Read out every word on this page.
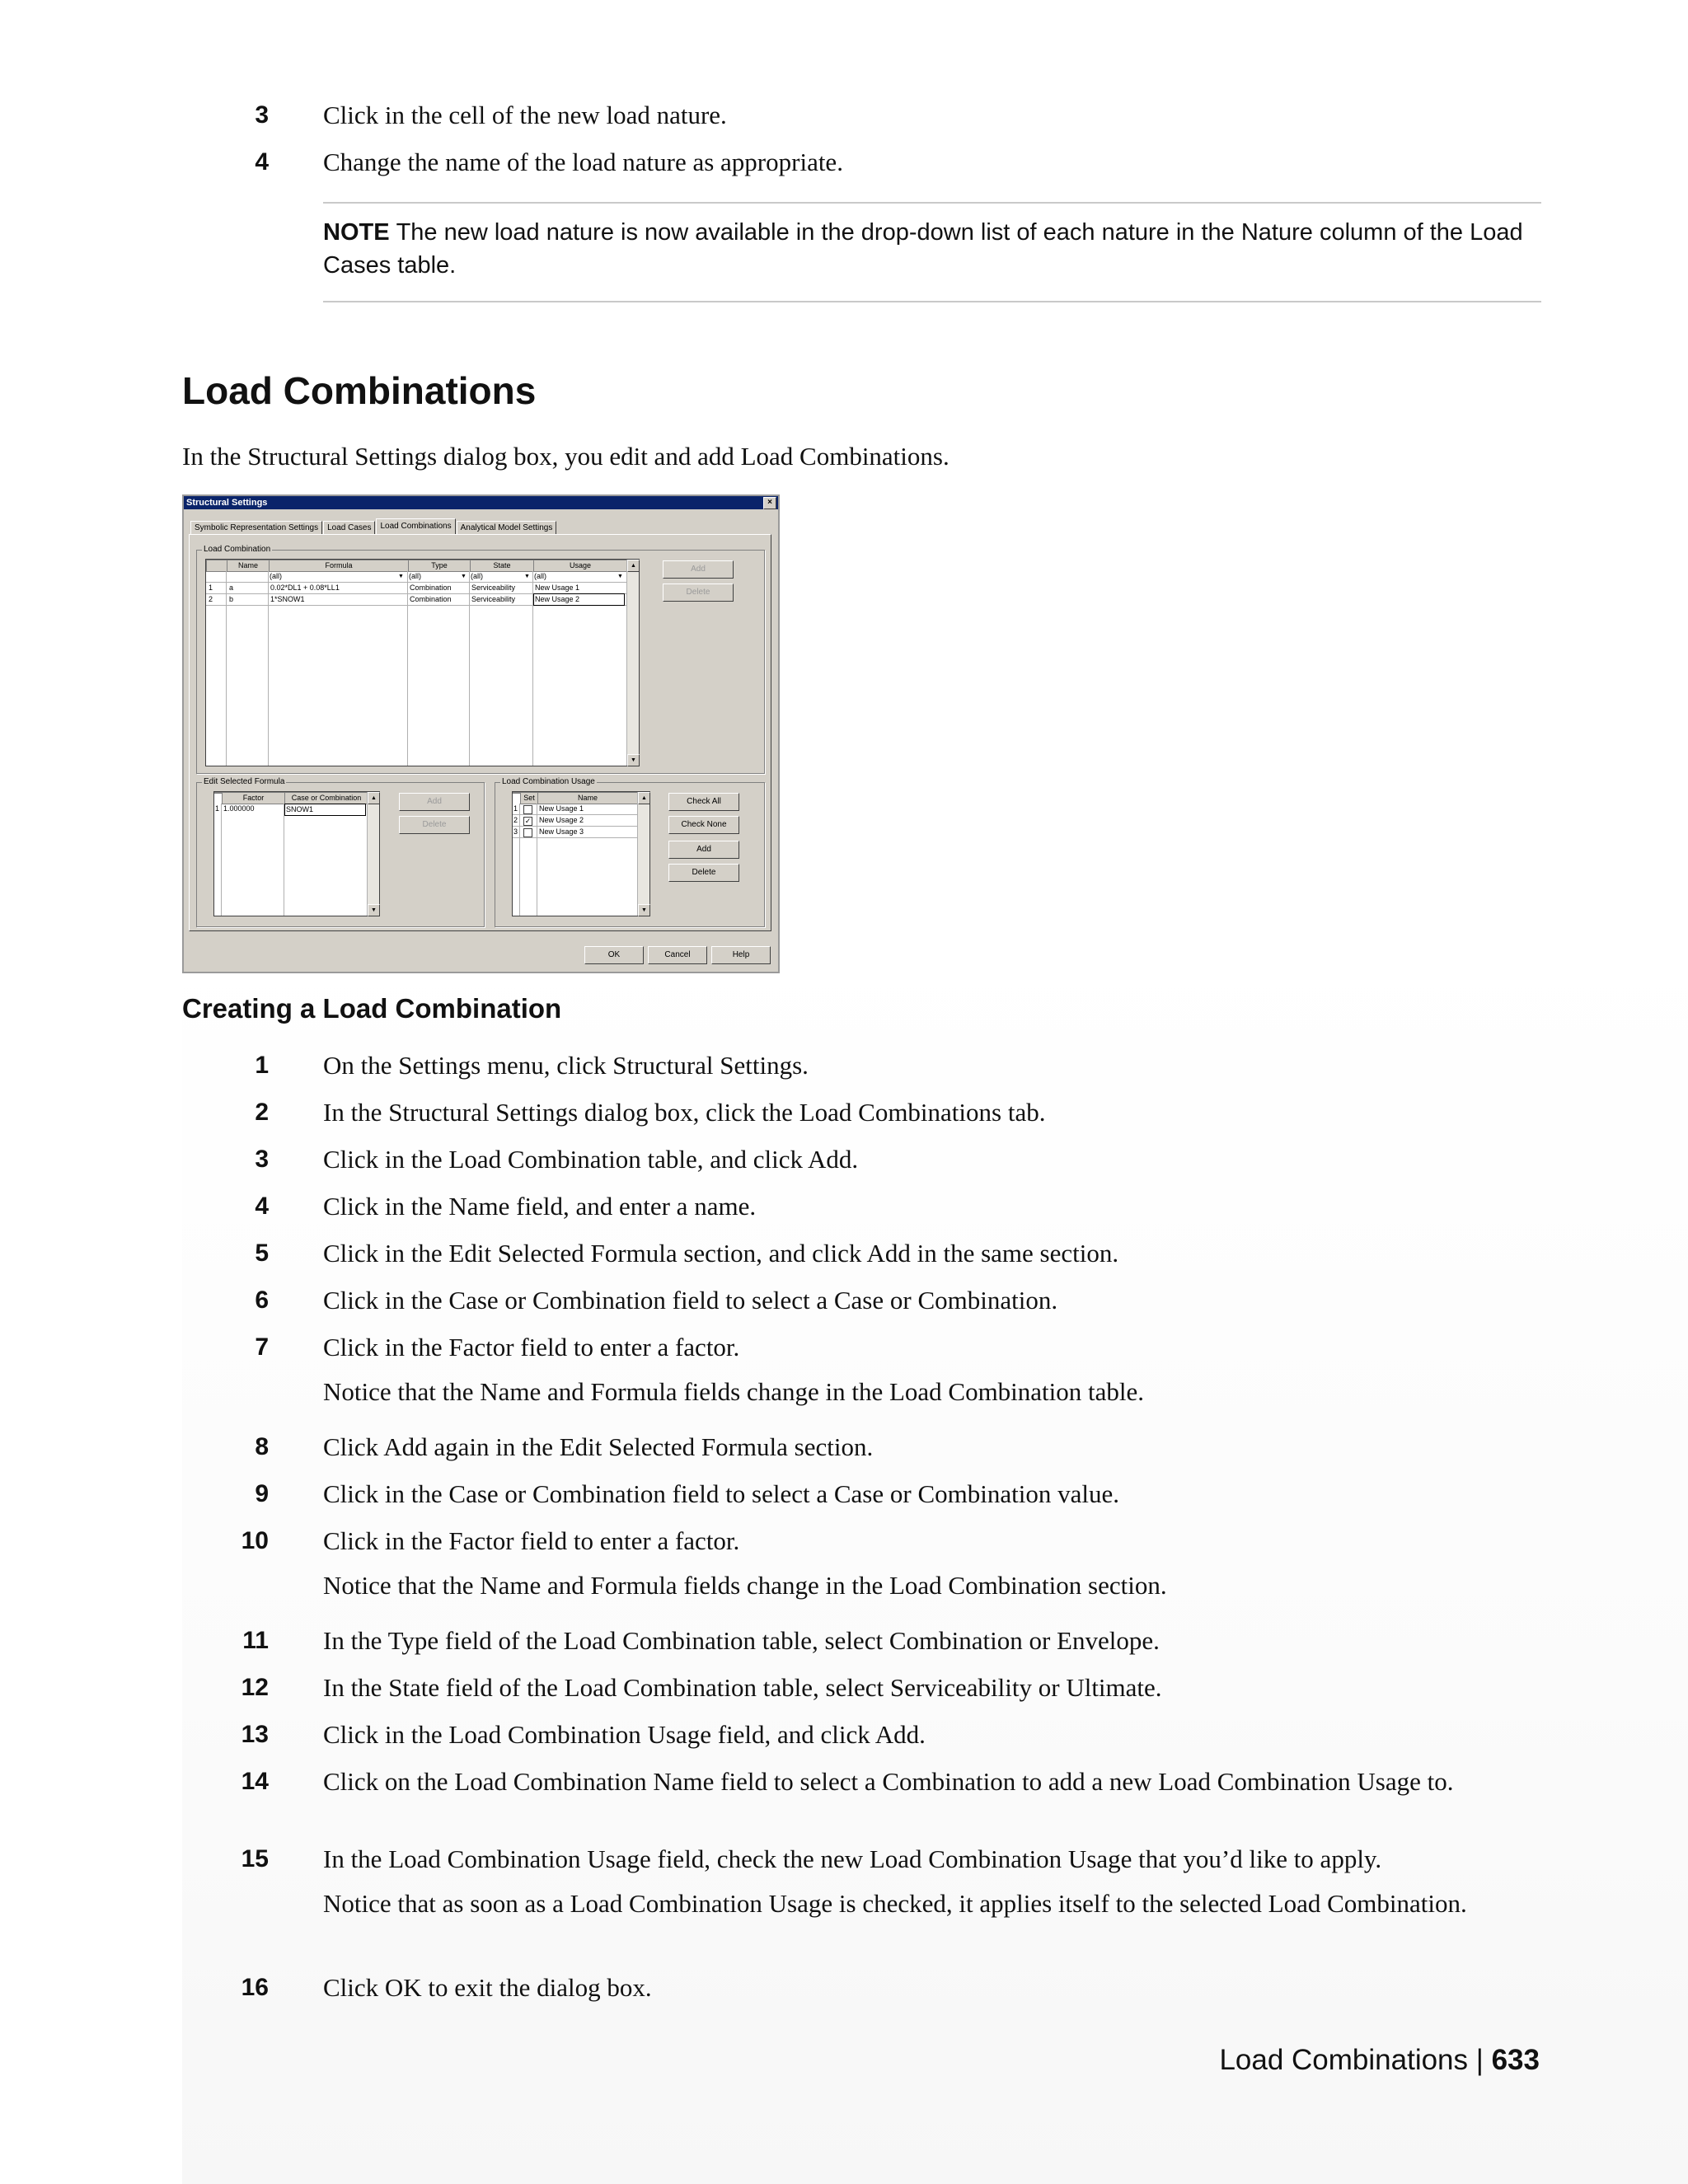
3 Click in the cell of the new load nature.
4 Change the name of the load nature as appropriate.
NOTE The new load nature is now available in the drop-down list of each nature in the Nature column of the Load Cases table.
Load Combinations
In the Structural Settings dialog box, you edit and add Load Combinations.
Structural Settings	×
Symbolic Representation Settings	Load Cases	Load Combinations	Analytical Model Settings
Load Combination
Name	Formula	Type	State	Usage
(all)	▼ (all)	▼ (all)	▼ (all)	▼
1 a	0.02*DL1 + 0.08*LL1	Combination	Serviceability	New Usage 1
2 b	1*SNOW1	Combination	Serviceability	New Usage 2
▲
▼
Add
Delete
Edit Selected Formula
Factor	Case or Combination
1 1.000000	SNOW1
▲
▼
Add
Delete
Load Combination Usage
Set	Name
1	New Usage 1
2 ✓ New Usage 2
3	New Usage 3
▲
▼
Check All
Check None
Add
Delete
OK	Cancel	Help
Creating a Load Combination
1 On the Settings menu, click Structural Settings.
2 In the Structural Settings dialog box, click the Load Combinations tab.
3 Click in the Load Combination table, and click Add.
4 Click in the Name field, and enter a name.
5 Click in the Edit Selected Formula section, and click Add in the same section.
6 Click in the Case or Combination field to select a Case or Combination.
7 Click in the Factor field to enter a factor.
Notice that the Name and Formula fields change in the Load Combination table.
8 Click Add again in the Edit Selected Formula section.
9 Click in the Case or Combination field to select a Case or Combination value.
10 Click in the Factor field to enter a factor.
Notice that the Name and Formula fields change in the Load Combination section.
11 In the Type field of the Load Combination table, select Combination or Envelope.
12 In the State field of the Load Combination table, select Serviceability or Ultimate.
13 Click in the Load Combination Usage field, and click Add.
14 Click on the Load Combination Name field to select a Combination to add a new Load Combination Usage to.
15 In the Load Combination Usage field, check the new Load Combination Usage that you’d like to apply.
Notice that as soon as a Load Combination Usage is checked, it applies itself to the selected Load Combination.
16 Click OK to exit the dialog box.
Load Combinations | 633
